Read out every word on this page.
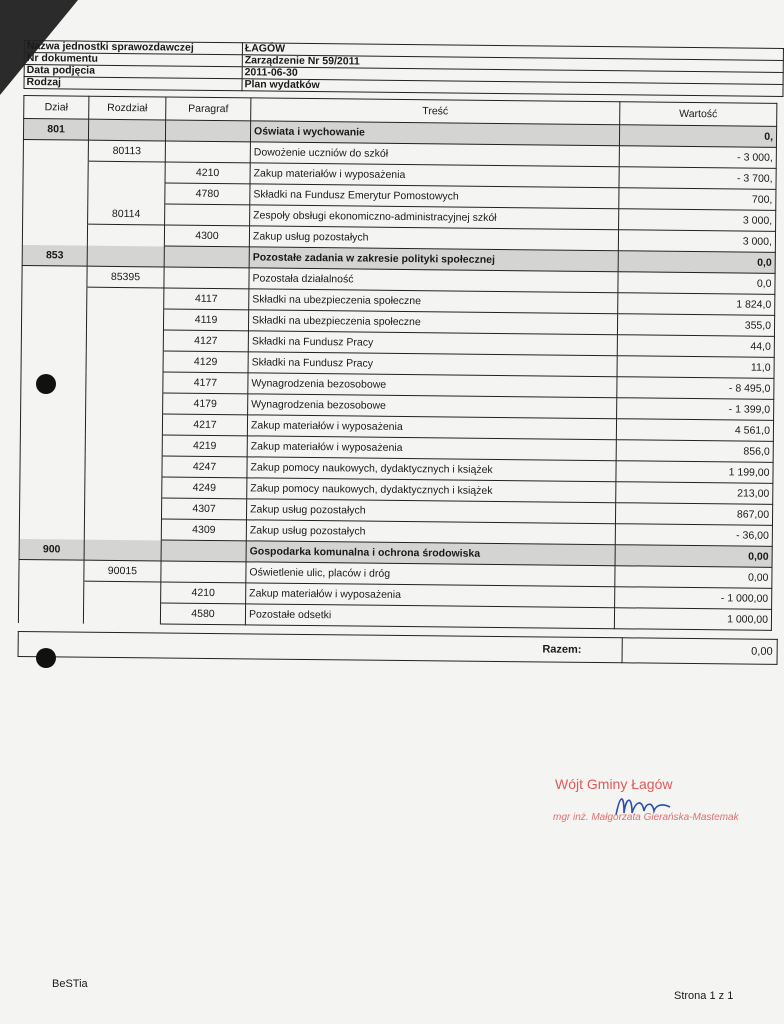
Nazwa jednostki sprawozdawczej	ŁAGÓW
Nr dokumentu	Zarządzenie Nr 59/2011
Data podjęcia	2011-06-30
Rodzaj	Plan wydatków
Dział	Rozdział	Paragraf	Treść	Wartość
801			Oświata i wychowanie	0,
	80113		Dowożenie uczniów do szkół	- 3 000,
		4210	Zakup materiałów i wyposażenia	- 3 700,
		4780	Składki na Fundusz Emerytur Pomostowych	700,
	80114		Zespoły obsługi ekonomiczno-administracyjnej szkół	3 000,
		4300	Zakup usług pozostałych	3 000,
853			Pozostałe zadania w zakresie polityki społecznej	0,0
	85395		Pozostała działalność	0,0
		4117	Składki na ubezpieczenia społeczne	1 824,0
		4119	Składki na ubezpieczenia społeczne	355,0
		4127	Składki na Fundusz Pracy	44,0
		4129	Składki na Fundusz Pracy	11,0
		4177	Wynagrodzenia bezosobowe	- 8 495,0
		4179	Wynagrodzenia bezosobowe	- 1 399,0
		4217	Zakup materiałów i wyposażenia	4 561,0
		4219	Zakup materiałów i wyposażenia	856,0
		4247	Zakup pomocy naukowych, dydaktycznych i książek	1 199,00
		4249	Zakup pomocy naukowych, dydaktycznych i książek	213,00
		4307	Zakup usług pozostałych	867,00
		4309	Zakup usług pozostałych	- 36,00
900			Gospodarka komunalna i ochrona środowiska	0,00
	90015		Oświetlenie ulic, placów i dróg	0,00
		4210	Zakup materiałów i wyposażenia	- 1 000,00
		4580	Pozostałe odsetki	1 000,00
Razem:	0,00
Wójt Gminy Łagów
mgr inż. Małgorzata Gierańska-Mastemak
BeSTia
Strona 1 z 1
